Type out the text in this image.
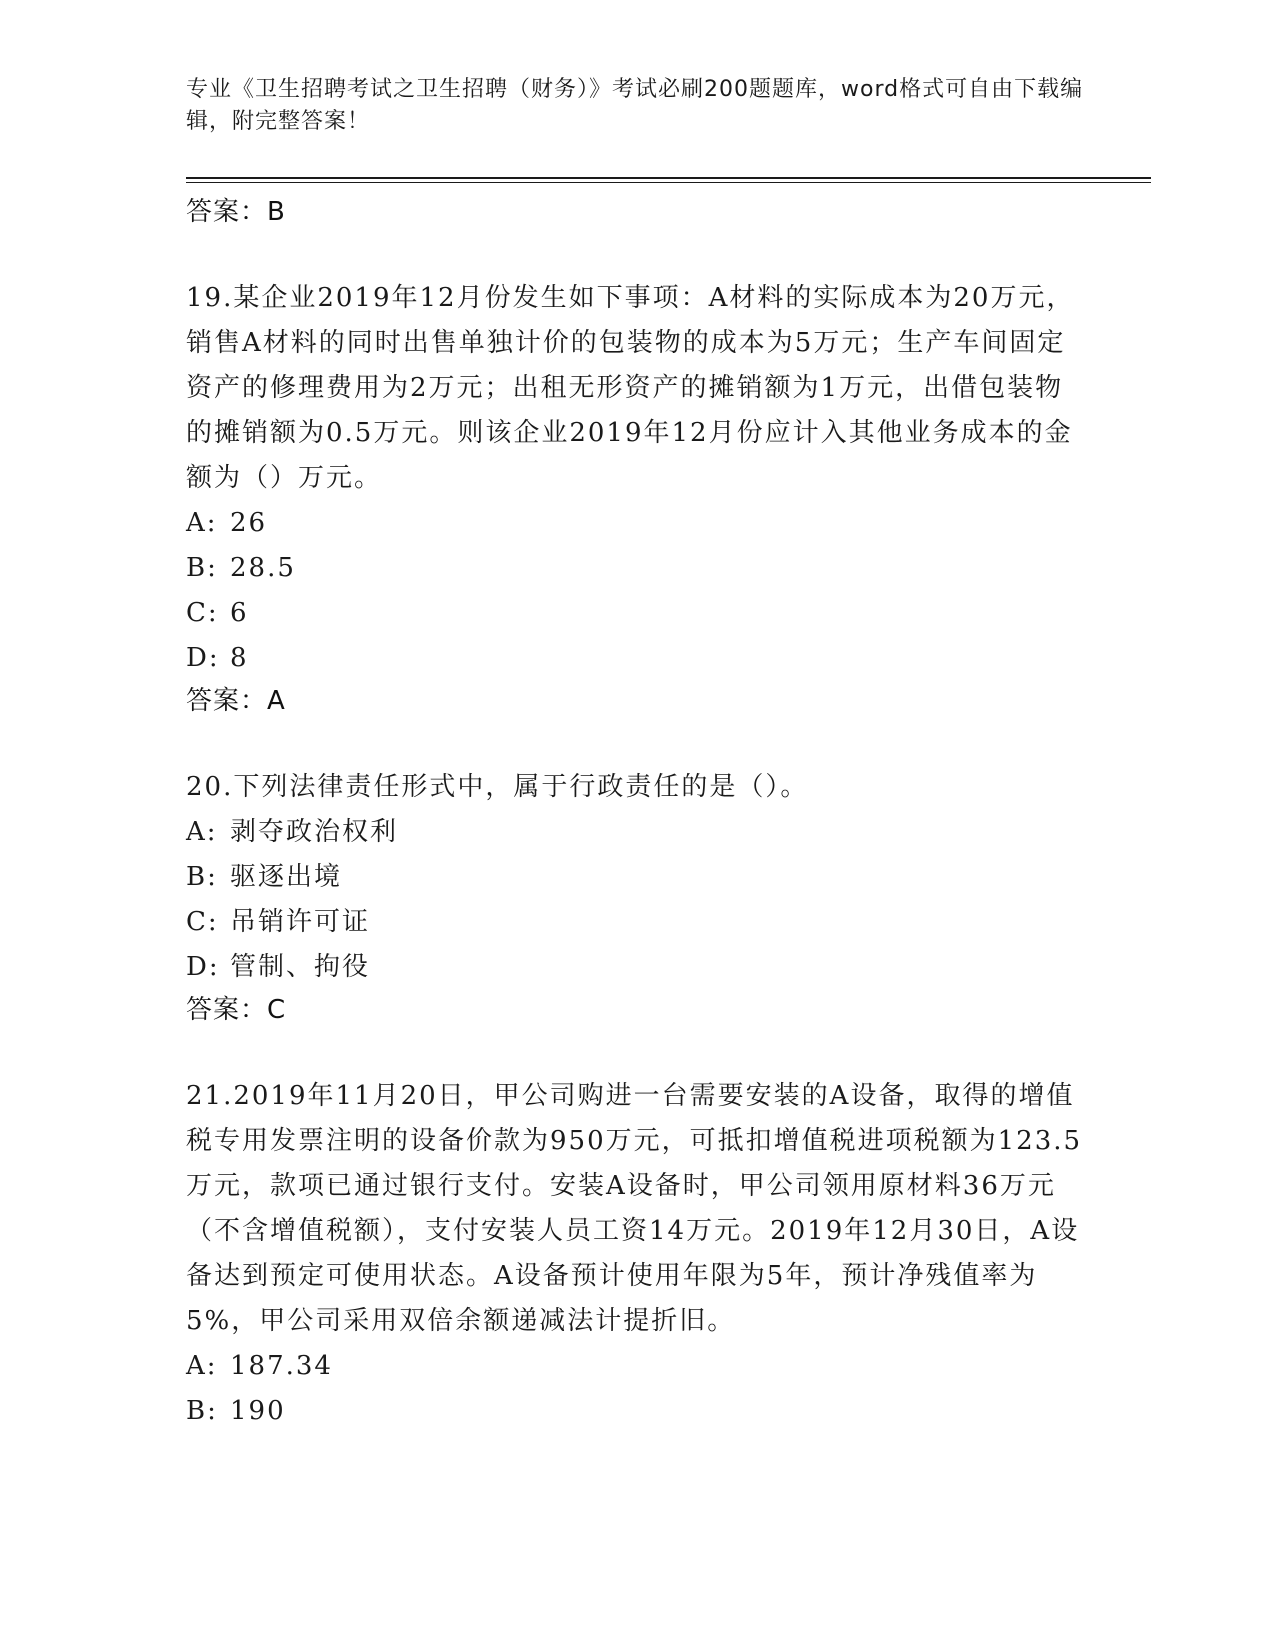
专业《卫生招聘考试之卫生招聘（财务）》考试必刷200题题库，word格式可自由下载编辑，附完整答案！

答案：B

19.某企业2019年12月份发生如下事项：A材料的实际成本为20万元，销售A材料的同时出售单独计价的包装物的成本为5万元；生产车间固定资产的修理费用为2万元；出租无形资产的摊销额为1万元，出借包装物的摊销额为0.5万元。则该企业2019年12月份应计入其他业务成本的金额为（）万元。

A: 26

B: 28.5

C: 6

D: 8

答案：A

20.下列法律责任形式中，属于行政责任的是（）。

A: 剥夺政治权利

B: 驱逐出境

C: 吊销许可证

D: 管制、拘役

答案：C

21.2019年11月20日，甲公司购进一台需要安装的A设备，取得的增值税专用发票注明的设备价款为950万元，可抵扣增值税进项税额为123.5万元，款项已通过银行支付。安装A设备时，甲公司领用原材料36万元（不含增值税额），支付安装人员工资14万元。2019年12月30日，A设备达到预定可使用状态。A设备预计使用年限为5年，预计净残值率为5%，甲公司采用双倍余额递减法计提折旧。

A: 187.34

B: 190
